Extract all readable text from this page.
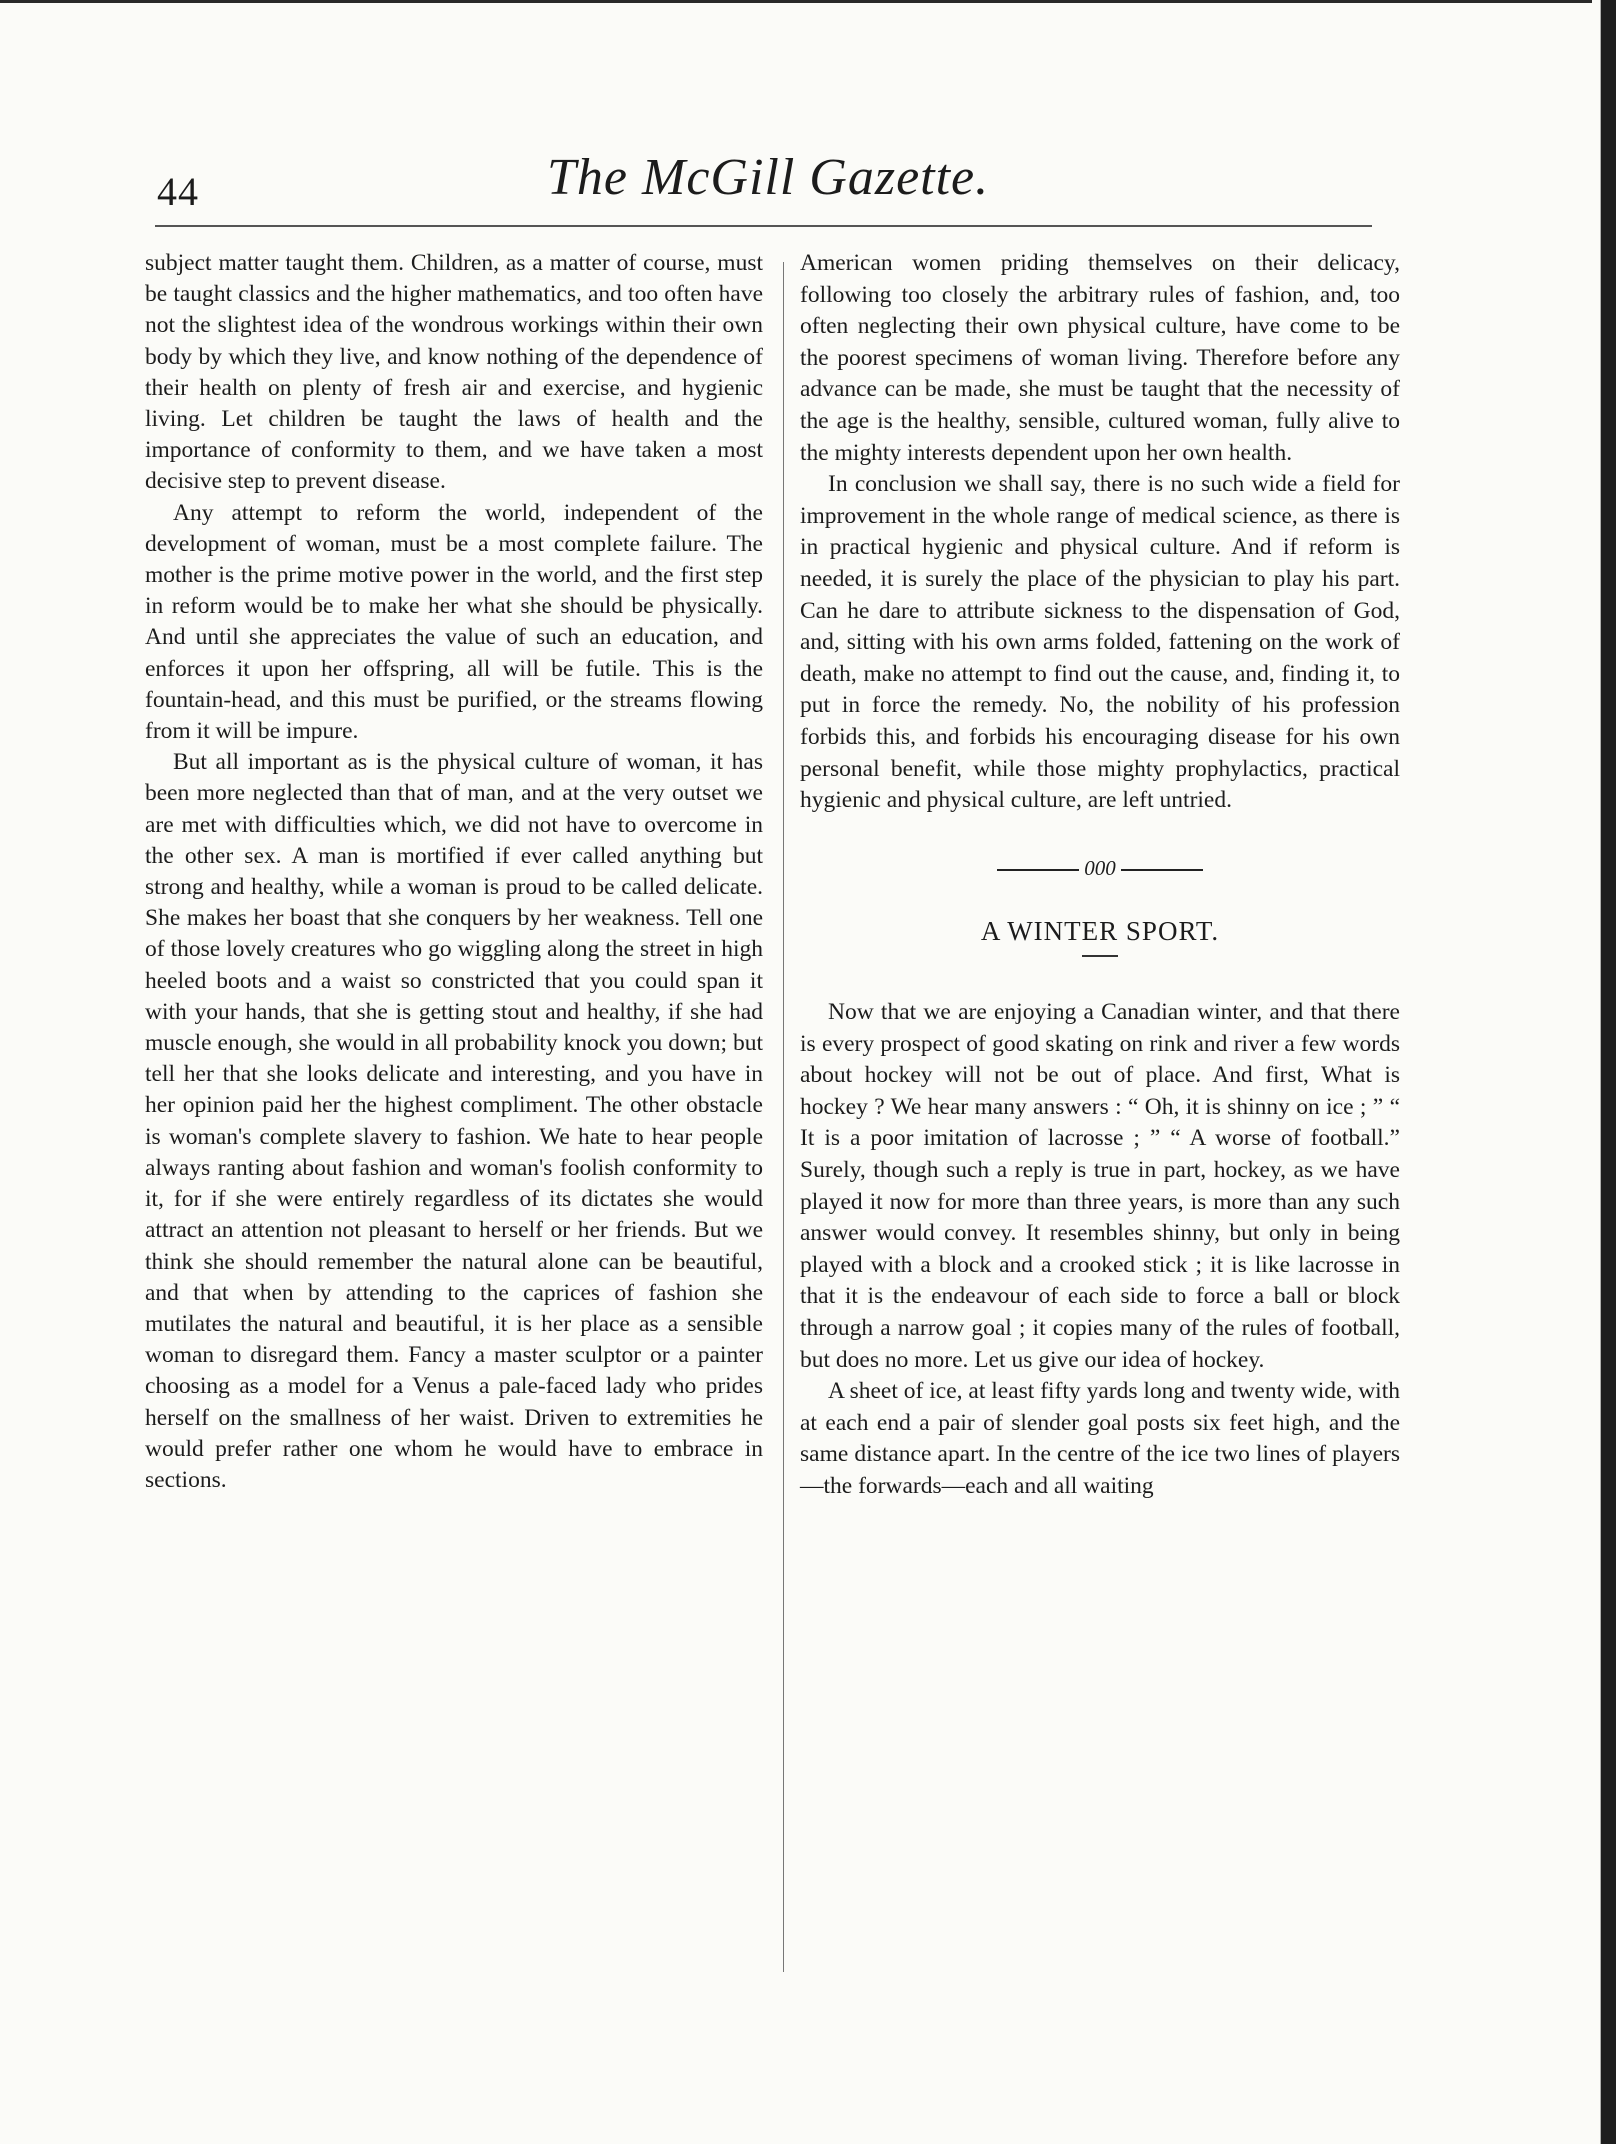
44	The McGill Gazette.

subject matter taught them. Children, as a matter of course, must be taught classics and the higher mathematics, and too often have not the slightest idea of the wondrous workings within their own body by which they live, and know nothing of the dependence of their health on plenty of fresh air and exercise, and hygienic living. Let children be taught the laws of health and the importance of conformity to them, and we have taken a most decisive step to prevent disease.

Any attempt to reform the world, independent of the development of woman, must be a most complete failure. The mother is the prime motive power in the world, and the first step in reform would be to make her what she should be physically. And until she appreciates the value of such an education, and enforces it upon her offspring, all will be futile. This is the fountain-head, and this must be purified, or the streams flowing from it will be impure.

But all important as is the physical culture of woman, it has been more neglected than that of man, and at the very outset we are met with difficulties which, we did not have to overcome in the other sex. A man is mortified if ever called anything but strong and healthy, while a woman is proud to be called delicate. She makes her boast that she conquers by her weakness. Tell one of those lovely creatures who go wiggling along the street in high heeled boots and a waist so constricted that you could span it with your hands, that she is getting stout and healthy, if she had muscle enough, she would in all probability knock you down; but tell her that she looks delicate and interesting, and you have in her opinion paid her the highest compliment. The other obstacle is woman's complete slavery to fashion. We hate to hear people always ranting about fashion and woman's foolish conformity to it, for if she were entirely regardless of its dictates she would attract an attention not pleasant to herself or her friends. But we think she should remember the natural alone can be beautiful, and that when by attending to the caprices of fashion she mutilates the natural and beautiful, it is her place as a sensible woman to disregard them. Fancy a master sculptor or a painter choosing as a model for a Venus a pale-faced lady who prides herself on the smallness of her waist. Driven to extremities he would prefer rather one whom he would have to embrace in sections.

American women priding themselves on their delicacy, following too closely the arbitrary rules of fashion, and, too often neglecting their own physical culture, have come to be the poorest specimens of woman living. Therefore before any advance can be made, she must be taught that the necessity of the age is the healthy, sensible, cultured woman, fully alive to the mighty interests dependent upon her own health.

In conclusion we shall say, there is no such wide a field for improvement in the whole range of medical science, as there is in practical hygienic and physical culture. And if reform is needed, it is surely the place of the physician to play his part. Can he dare to attribute sickness to the dispensation of God, and, sitting with his own arms folded, fattening on the work of death, make no attempt to find out the cause, and, finding it, to put in force the remedy. No, the nobility of his profession forbids this, and forbids his encouraging disease for his own personal benefit, while those mighty prophylactics, practical hygienic and physical culture, are left untried.

000
A WINTER SPORT.

Now that we are enjoying a Canadian winter, and that there is every prospect of good skating on rink and river a few words about hockey will not be out of place. And first, What is hockey ? We hear many answers : “ Oh, it is shinny on ice ; ” “ It is a poor imitation of lacrosse ; ” “ A worse of football.” Surely, though such a reply is true in part, hockey, as we have played it now for more than three years, is more than any such answer would convey. It resembles shinny, but only in being played with a block and a crooked stick ; it is like lacrosse in that it is the endeavour of each side to force a ball or block through a narrow goal ; it copies many of the rules of football, but does no more. Let us give our idea of hockey.

A sheet of ice, at least fifty yards long and twenty wide, with at each end a pair of slender goal posts six feet high, and the same distance apart. In the centre of the ice two lines of players—the forwards—each and all waiting
